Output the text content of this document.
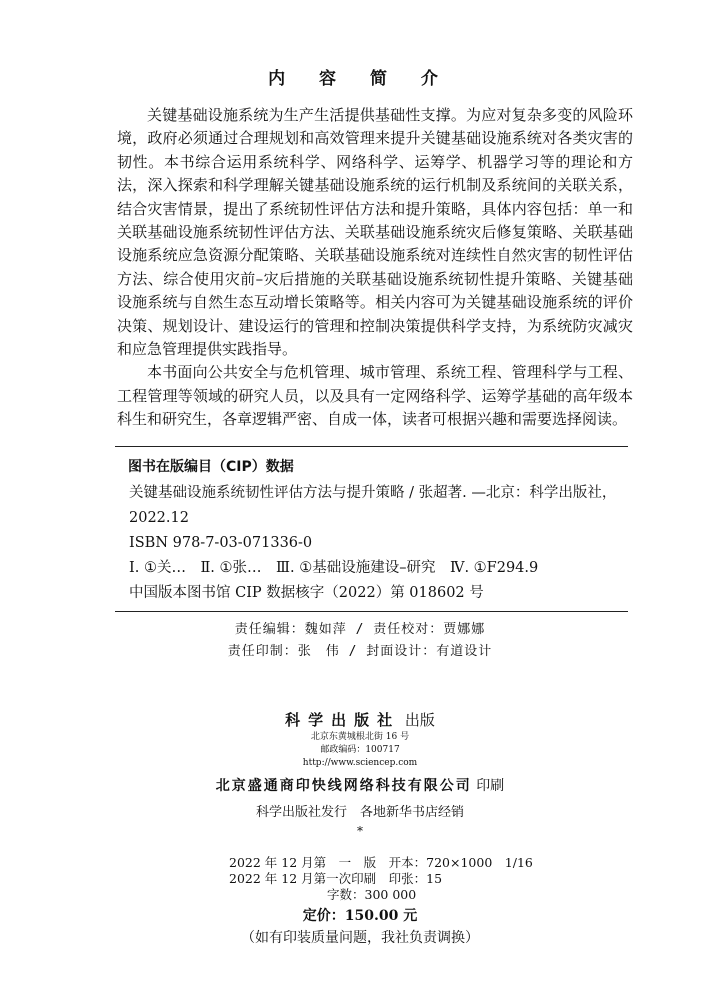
内 容 简 介

关键基础设施系统为生产生活提供基础性支撑。为应对复杂多变的风险环境，政府必须通过合理规划和高效管理来提升关键基础设施系统对各类灾害的韧性。本书综合运用系统科学、网络科学、运筹学、机器学习等的理论和方法，深入探索和科学理解关键基础设施系统的运行机制及系统间的关联关系，结合灾害情景，提出了系统韧性评估方法和提升策略，具体内容包括：单一和关联基础设施系统韧性评估方法、关联基础设施系统灾后修复策略、关联基础设施系统应急资源分配策略、关联基础设施系统对连续性自然灾害的韧性评估方法、综合使用灾前–灾后措施的关联基础设施系统韧性提升策略、关键基础设施系统与自然生态互动增长策略等。相关内容可为关键基础设施系统的评价决策、规划设计、建设运行的管理和控制决策提供科学支持，为系统防灾减灾和应急管理提供实践指导。

本书面向公共安全与危机管理、城市管理、系统工程、管理科学与工程、工程管理等领域的研究人员，以及具有一定网络科学、运筹学基础的高年级本科生和研究生，各章逻辑严密、自成一体，读者可根据兴趣和需要选择阅读。

图书在版编目（CIP）数据
关键基础设施系统韧性评估方法与提升策略 / 张超著. —北京：科学出版社，2022.12
ISBN 978-7-03-071336-0
Ⅰ. ①关…　Ⅱ. ①张…　Ⅲ. ①基础设施建设–研究　Ⅳ. ①F294.9
中国版本图书馆 CIP 数据核字（2022）第 018602 号
责任编辑：魏如萍 / 责任校对：贾娜娜
责任印制：张　伟 / 封面设计：有道设计
科学出版社 出版
北京东黄城根北街 16 号
邮政编码：100717
http://www.sciencep.com
北京盛通商印快线网络科技有限公司 印刷
科学出版社发行　各地新华书店经销
*
2022 年 12 月第　一　版　开本：720×1000　1/16
2022 年 12 月第一次印刷　印张：15
字数：300 000
定价：150.00 元
（如有印装质量问题，我社负责调换）
